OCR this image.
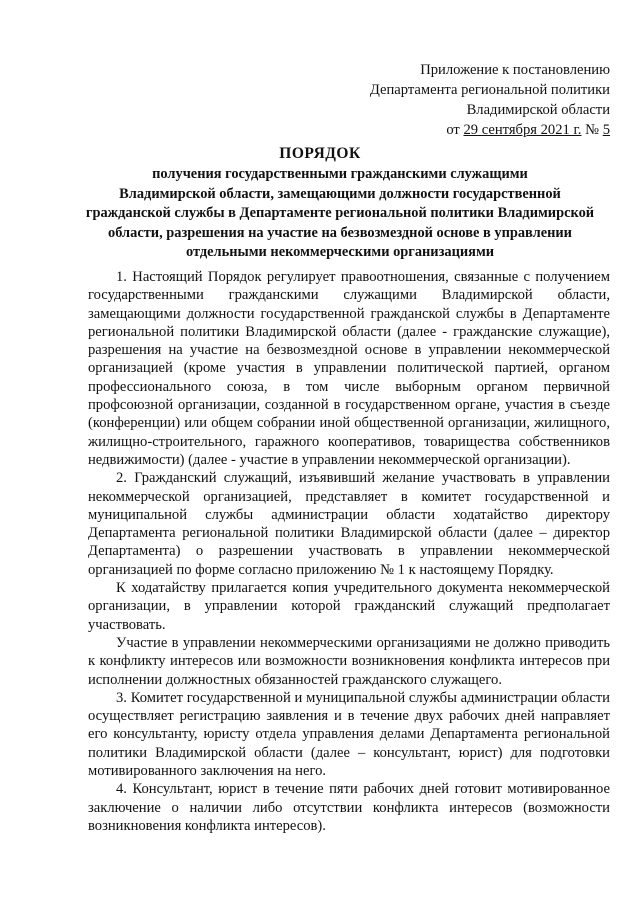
Приложение к постановлению
Департамента региональной политики
Владимирской области
от 29 сентября 2021 г. № 5
ПОРЯДОК
получения государственными гражданскими служащими
Владимирской области, замещающими должности государственной
гражданской службы в Департаменте региональной политики Владимирской
области, разрешения на участие на безвозмездной основе в управлении
отдельными некоммерческими организациями

1. Настоящий Порядок регулирует правоотношения, связанные с получением государственными гражданскими служащими Владимирской области, замещающими должности государственной гражданской службы в Департаменте региональной политики Владимирской области (далее - гражданские служащие), разрешения на участие на безвозмездной основе в управлении некоммерческой организацией (кроме участия в управлении политической партией, органом профессионального союза, в том числе выборным органом первичной профсоюзной организации, созданной в государственном органе, участия в съезде (конференции) или общем собрании иной общественной организации, жилищного, жилищно-строительного, гаражного кооперативов, товарищества собственников недвижимости) (далее - участие в управлении некоммерческой организации).

2. Гражданский служащий, изъявивший желание участвовать в управлении некоммерческой организацией, представляет в комитет государственной и муниципальной службы администрации области ходатайство директору Департамента региональной политики Владимирской области (далее – директор Департамента) о разрешении участвовать в управлении некоммерческой организацией по форме согласно приложению № 1 к настоящему Порядку.

К ходатайству прилагается копия учредительного документа некоммерческой организации, в управлении которой гражданский служащий предполагает участвовать.

Участие в управлении некоммерческими организациями не должно приводить к конфликту интересов или возможности возникновения конфликта интересов при исполнении должностных обязанностей гражданского служащего.

3. Комитет государственной и муниципальной службы администрации области осуществляет регистрацию заявления и в течение двух рабочих дней направляет его консультанту, юристу отдела управления делами Департамента региональной политики Владимирской области (далее – консультант, юрист) для подготовки мотивированного заключения на него.

4. Консультант, юрист в течение пяти рабочих дней готовит мотивированное заключение о наличии либо отсутствии конфликта интересов (возможности возникновения конфликта интересов).
